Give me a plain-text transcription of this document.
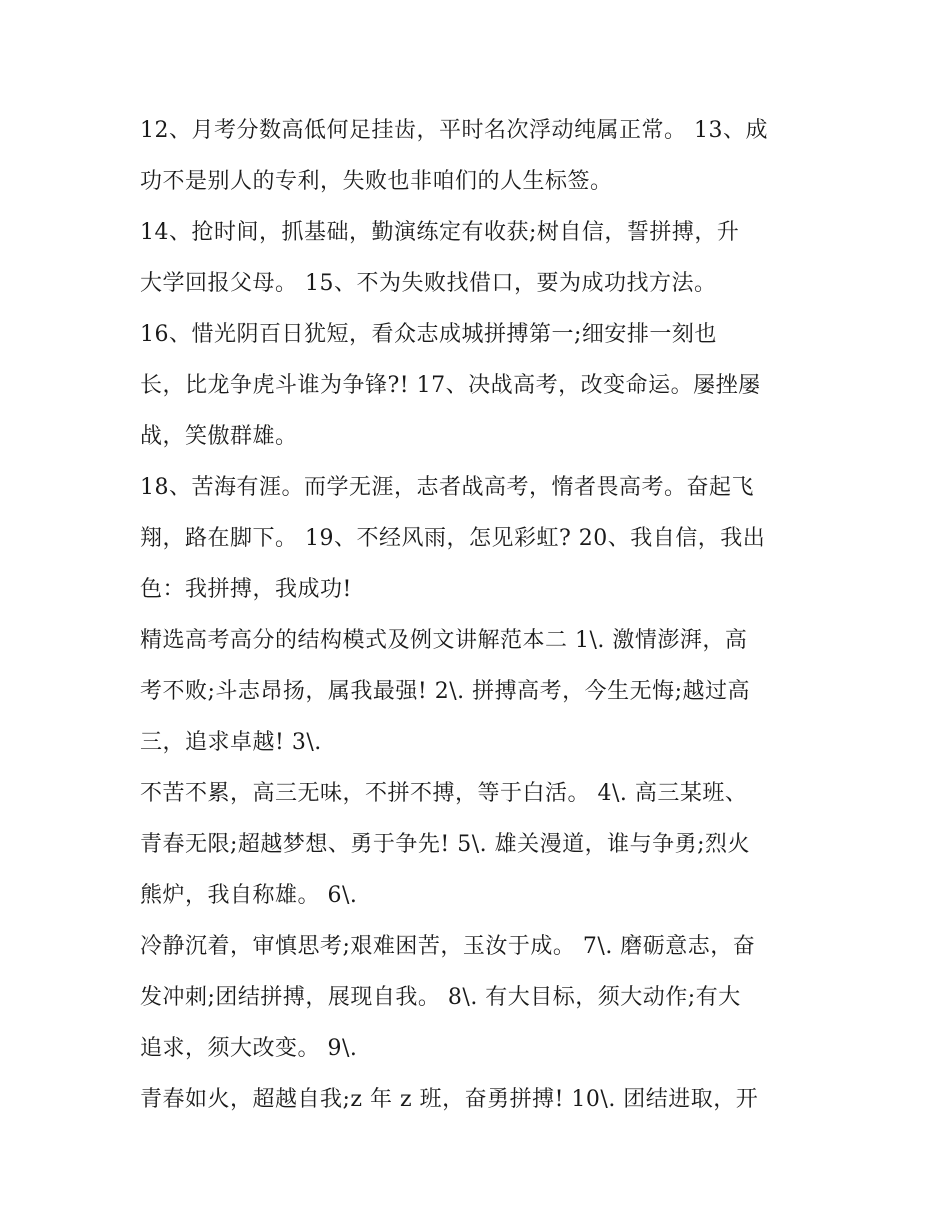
12、月考分数高低何足挂齿，平时名次浮动纯属正常。 13、成
功不是别人的专利，失败也非咱们的人生标签。
14、抢时间，抓基础，勤演练定有收获;树自信，誓拼搏，升
大学回报父母。 15、不为失败找借口，要为成功找方法。
16、惜光阴百日犹短，看众志成城拼搏第一;细安排一刻也
长，比龙争虎斗谁为争锋?! 17、决战高考，改变命运。屡挫屡
战，笑傲群雄。
18、苦海有涯。而学无涯，志者战高考，惰者畏高考。奋起飞
翔，路在脚下。 19、不经风雨，怎见彩虹? 20、我自信，我出
色：我拼搏，我成功!
精选高考高分的结构模式及例文讲解范本二 1\. 激情澎湃，高
考不败;斗志昂扬，属我最强! 2\. 拼搏高考，今生无悔;越过高
三，追求卓越! 3\.
不苦不累，高三无味，不拼不搏，等于白活。 4\. 高三某班、
青春无限;超越梦想、勇于争先! 5\. 雄关漫道，谁与争勇;烈火
熊炉，我自称雄。 6\.
冷静沉着，审慎思考;艰难困苦，玉汝于成。 7\. 磨砺意志，奋
发冲刺;团结拼搏，展现自我。 8\. 有大目标，须大动作;有大
追求，须大改变。 9\.
青春如火，超越自我;z 年 z 班，奋勇拼搏! 10\. 团结进取，开
